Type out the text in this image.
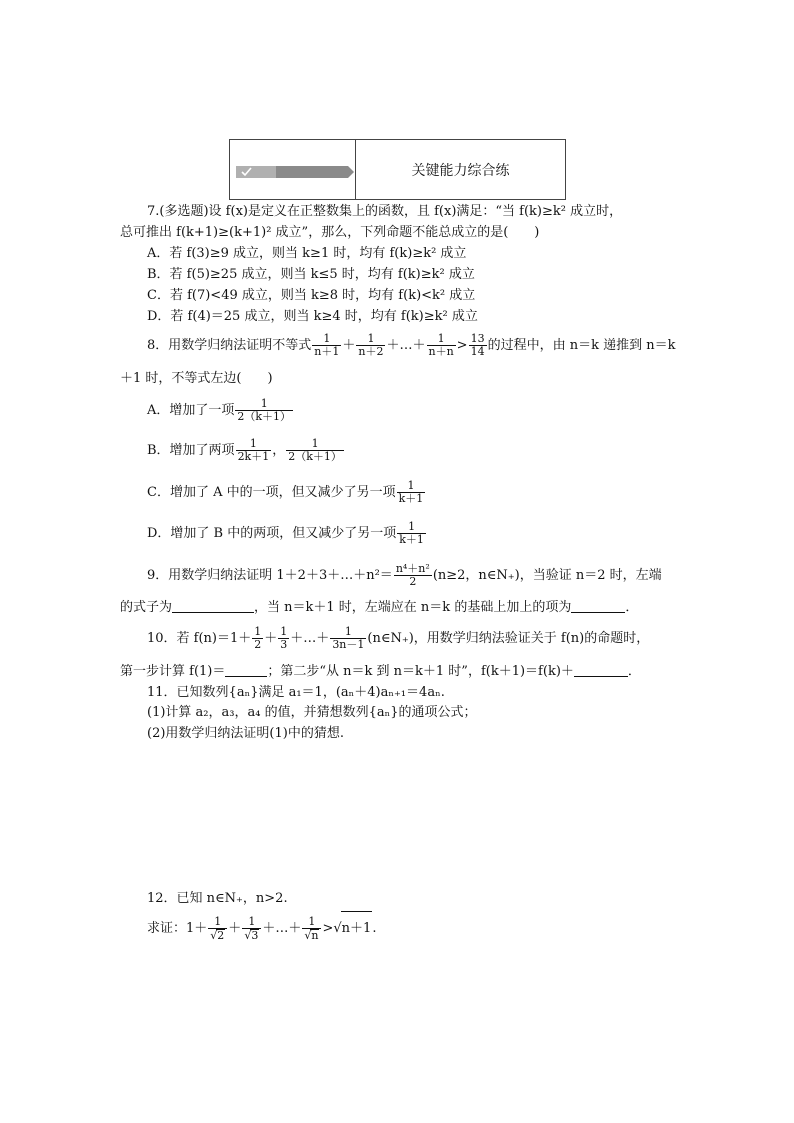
关键能力综合练
7.(多选题)设 f(x)是定义在正整数集上的函数，且 f(x)满足：“当 f(k)≥k² 成立时，
总可推出 f(k+1)≥(k+1)² 成立”，那么，下列命题不能总成立的是(　　)
A．若 f(3)≥9 成立，则当 k≥1 时，均有 f(k)≥k² 成立
B．若 f(5)≥25 成立，则当 k≤5 时，均有 f(k)≥k² 成立
C．若 f(7)<49 成立，则当 k≥8 时，均有 f(k)<k² 成立
D．若 f(4)＝25 成立，则当 k≥4 时，均有 f(k)≥k² 成立
8．用数学归纳法证明不等式 $\frac{1}{n+1} + \frac{1}{n+2}$ ＋…＋ $\frac{1}{n+n} > \frac{13}{14}$ 的过程中，由 n＝k 递推到 n＝k
＋1 时，不等式左边(　　)
A．增加了一项 $\frac{1}{2(k+1)}$
B．增加了两项 $\frac{1}{2k+1}$ ， $\frac{1}{2(k+1)}$
C．增加了 A 中的一项，但又减少了另一项 $\frac{1}{k+1}$
D．增加了 B 中的两项，但又减少了另一项 $\frac{1}{k+1}$
9．用数学归纳法证明 1＋2＋3＋…＋n²＝ $\frac{\text{n⁴＋n²}}{2} (n\ge 2$，n∈N₊)，当验证 n＝2 时，左端
的式子为	，当 n＝k＋1 时，左端应在 n＝k 的基础上加上的项为	．
10．若 $f(n)=1+ \frac{1}{2} + \frac{1}{3}$ ＋…＋ $\frac{1}{3n-1}$ (n∈N₊)，用数学归纳法验证关于 f(n)的命题时，
第一步计算 f(1)＝	；第二步“从 n＝k 到 n＝k＋1 时”，f(k＋1)＝f(k)＋	．
11．已知数列{aₙ}满足 a₁＝1，(aₙ＋4)aₙ₊₁＝4aₙ.
(1)计算 a₂，a₃，a₄ 的值，并猜想数列{aₙ}的通项公式；
(2)用数学归纳法证明(1)中的猜想.
12．已知 n∈N₊，n>2.
求证：$1+ \frac{1}{√2} + \frac{1}{√3}$ ＋…＋ $\frac{1}{√n} >√n+1$.
